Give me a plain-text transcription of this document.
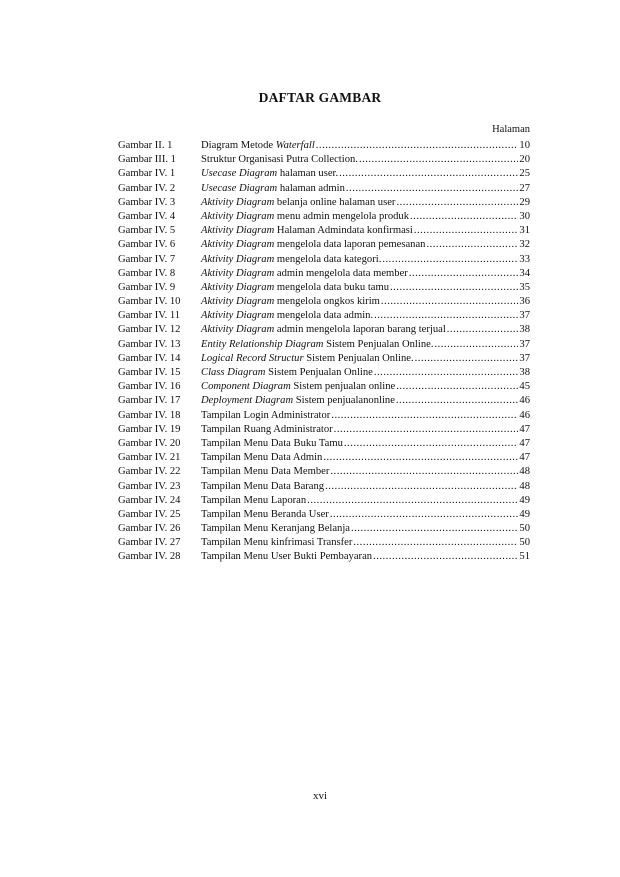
DAFTAR GAMBAR
Halaman
Gambar II. 1	Diagram Metode Waterfall .....	10
Gambar III. 1	Struktur Organisasi Putra Collection. .....	20
Gambar IV. 1	Usecase Diagram halaman user. .....	25
Gambar IV. 2	Usecase Diagram halaman admin .....	27
Gambar IV. 3	Aktivity Diagram belanja online halaman user .....	29
Gambar IV. 4	Aktivity Diagram menu admin mengelola produk .....	30
Gambar IV. 5	Aktivity Diagram Halaman Admindata konfirmasi .....	31
Gambar IV. 6	Aktivity Diagram mengelola data laporan pemesanan .....	32
Gambar IV. 7	Aktivity Diagram mengelola data kategori. .....	33
Gambar IV. 8	Aktivity Diagram admin mengelola data member .....	34
Gambar IV. 9	Aktivity Diagram mengelola data buku tamu .....	35
Gambar IV. 10	Aktivity Diagram mengelola ongkos kirim .....	36
Gambar IV. 11	Aktivity Diagram mengelola data admin. .....	37
Gambar IV. 12	Aktivity Diagram admin mengelola laporan barang terjual .....	38
Gambar IV. 13	Entity Relationship Diagram Sistem Penjualan Online. .....	37
Gambar IV. 14	Logical Record Structur Sistem Penjualan Online. .....	37
Gambar IV. 15	Class Diagram Sistem Penjualan Online .....	38
Gambar IV. 16	Component Diagram Sistem penjualan online .....	45
Gambar IV. 17	Deployment Diagram Sistem penjualanonline .....	46
Gambar IV. 18	Tampilan Login Administrator .....	46
Gambar IV. 19	Tampilan Ruang Administrator .....	47
Gambar IV. 20	Tampilan Menu Data Buku Tamu .....	47
Gambar IV. 21	Tampilan Menu Data Admin .....	47
Gambar IV. 22	Tampilan Menu Data Member .....	48
Gambar IV. 23	Tampilan Menu Data Barang .....	48
Gambar IV. 24	Tampilan Menu Laporan .....	49
Gambar IV. 25	Tampilan Menu Beranda User .....	49
Gambar IV. 26	Tampilan Menu Keranjang Belanja .....	50
Gambar IV. 27	Tampilan Menu kinfrimasi Transfer .....	50
Gambar IV. 28	Tampilan Menu User Bukti Pembayaran .....	51
xvi
